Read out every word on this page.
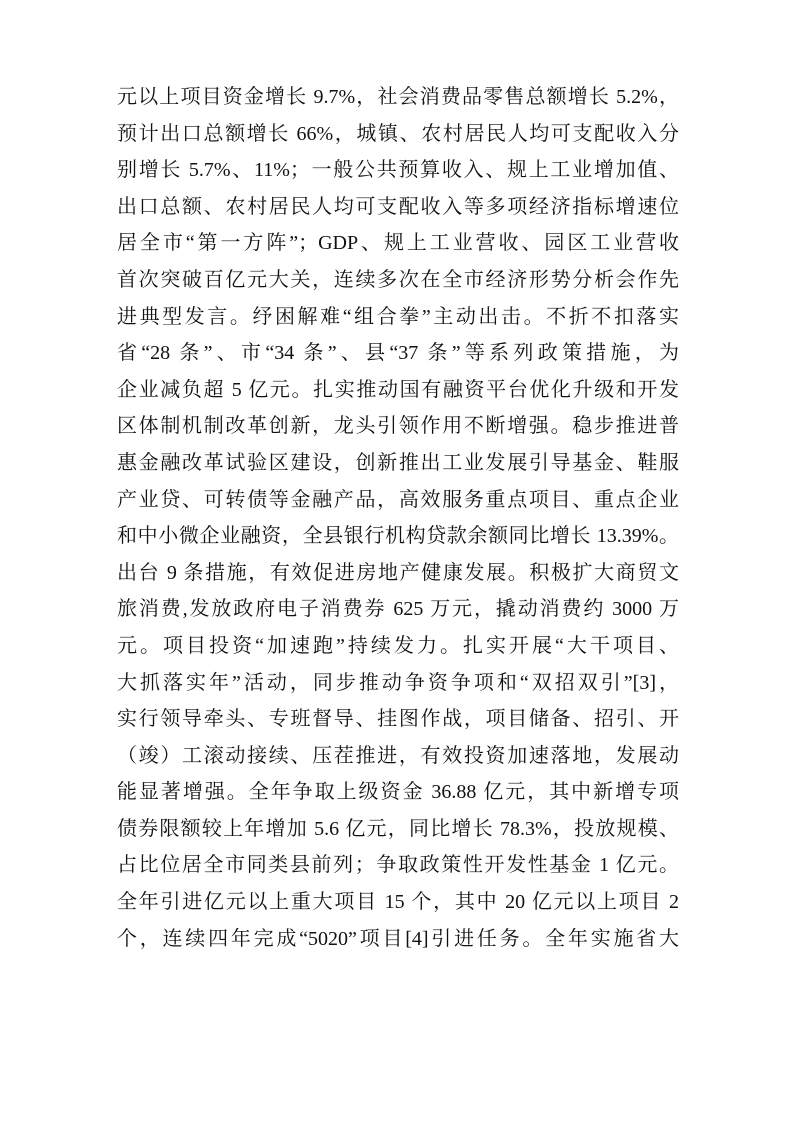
元以上项目资金增长 9.7%，社会消费品零售总额增长 5.2%，
预计出口总额增长 66%，城镇、农村居民人均可支配收入分
别增长 5.7%、11%；一般公共预算收入、规上工业增加值、
出口总额、农村居民人均可支配收入等多项经济指标增速位
居全市“第一方阵”；GDP、规上工业营收、园区工业营收
首次突破百亿元大关，连续多次在全市经济形势分析会作先
进典型发言。纾困解难“组合拳”主动出击。不折不扣落实
省“28 条”、市“34 条”、县“37 条”等系列政策措施，为
企业减负超 5 亿元。扎实推动国有融资平台优化升级和开发
区体制机制改革创新，龙头引领作用不断增强。稳步推进普
惠金融改革试验区建设，创新推出工业发展引导基金、鞋服
产业贷、可转债等金融产品，高效服务重点项目、重点企业
和中小微企业融资，全县银行机构贷款余额同比增长 13.39%。
出台 9 条措施，有效促进房地产健康发展。积极扩大商贸文
旅消费,发放政府电子消费券 625 万元，撬动消费约 3000 万
元。项目投资“加速跑”持续发力。扎实开展“大干项目、
大抓落实年”活动，同步推动争资争项和“双招双引”[3]，
实行领导牵头、专班督导、挂图作战，项目储备、招引、开
（竣）工滚动接续、压茬推进，有效投资加速落地，发展动
能显著增强。全年争取上级资金 36.88 亿元，其中新增专项
债券限额较上年增加 5.6 亿元，同比增长 78.3%，投放规模、
占比位居全市同类县前列；争取政策性开发性基金 1 亿元。
全年引进亿元以上重大项目 15 个，其中 20 亿元以上项目 2
个，连续四年完成“5020”项目[4]引进任务。全年实施省大
